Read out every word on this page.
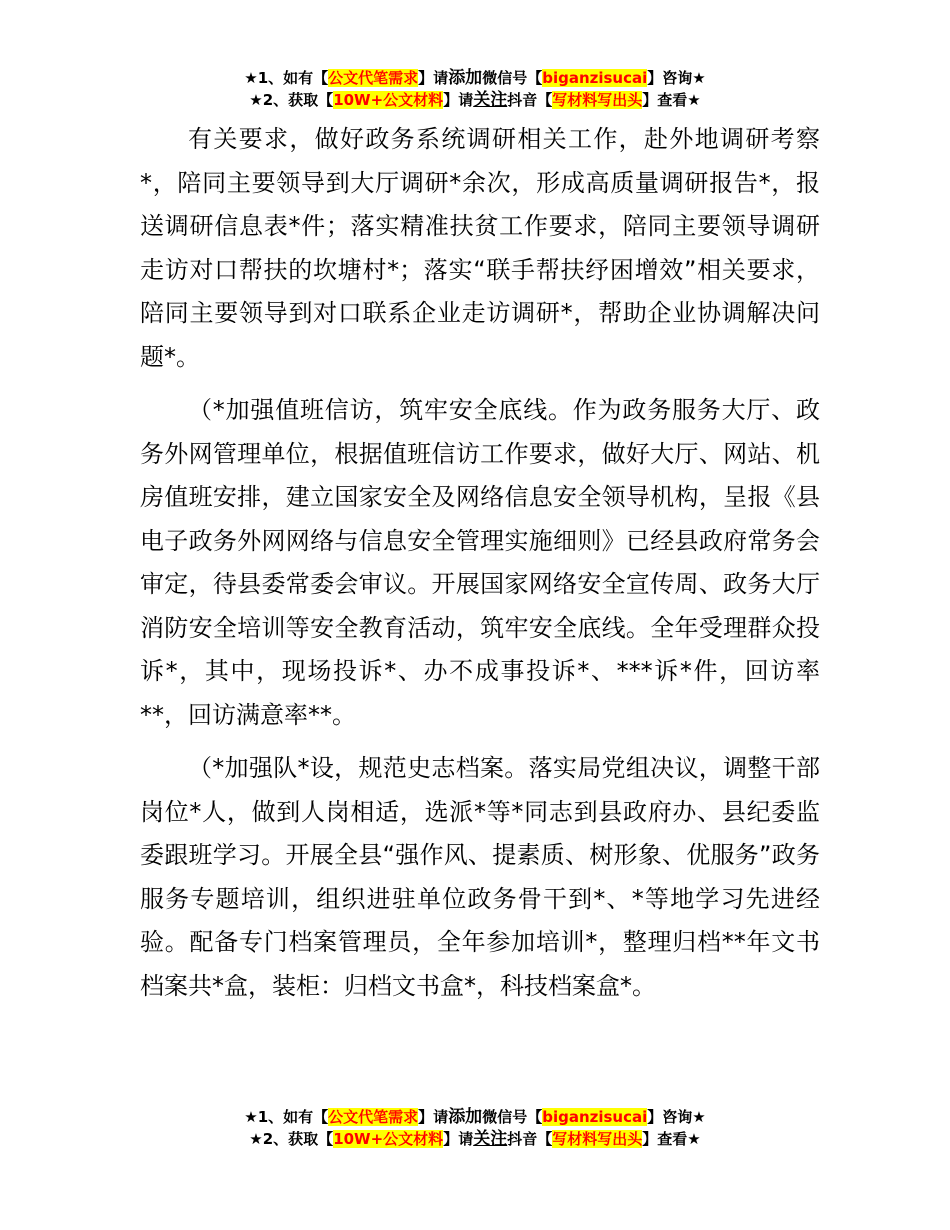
★1、如有【公文代笔需求】请添加微信号【biganzisucai】咨询★
★2、获取【10W+公文材料】请关注抖音【写材料写出头】查看★

有关要求，做好政务系统调研相关工作，赴外地调研考察*，陪同主要领导到大厅调研*余次，形成高质量调研报告*，报送调研信息表*件；落实精准扶贫工作要求，陪同主要领导调研走访对口帮扶的坎塘村*；落实“联手帮扶纾困增效”相关要求，陪同主要领导到对口联系企业走访调研*，帮助企业协调解决问题*。

（*加强值班信访，筑牢安全底线。作为政务服务大厅、政务外网管理单位，根据值班信访工作要求，做好大厅、网站、机房值班安排，建立国家安全及网络信息安全领导机构，呈报《县电子政务外网网络与信息安全管理实施细则》已经县政府常务会审定，待县委常委会审议。开展国家网络安全宣传周、政务大厅消防安全培训等安全教育活动，筑牢安全底线。全年受理群众投诉*，其中，现场投诉*、办不成事投诉*、***诉*件，回访率**，回访满意率**。

（*加强队*设，规范史志档案。落实局党组决议，调整干部岗位*人，做到人岗相适，选派*等*同志到县政府办、县纪委监委跟班学习。开展全县“强作风、提素质、树形象、优服务”政务服务专题培训，组织进驻单位政务骨干到*、*等地学习先进经验。配备专门档案管理员，全年参加培训*，整理归档**年文书档案共*盒，装柜：归档文书盒*，科技档案盒*。

★1、如有【公文代笔需求】请添加微信号【biganzisucai】咨询★
★2、获取【10W+公文材料】请关注抖音【写材料写出头】查看★
